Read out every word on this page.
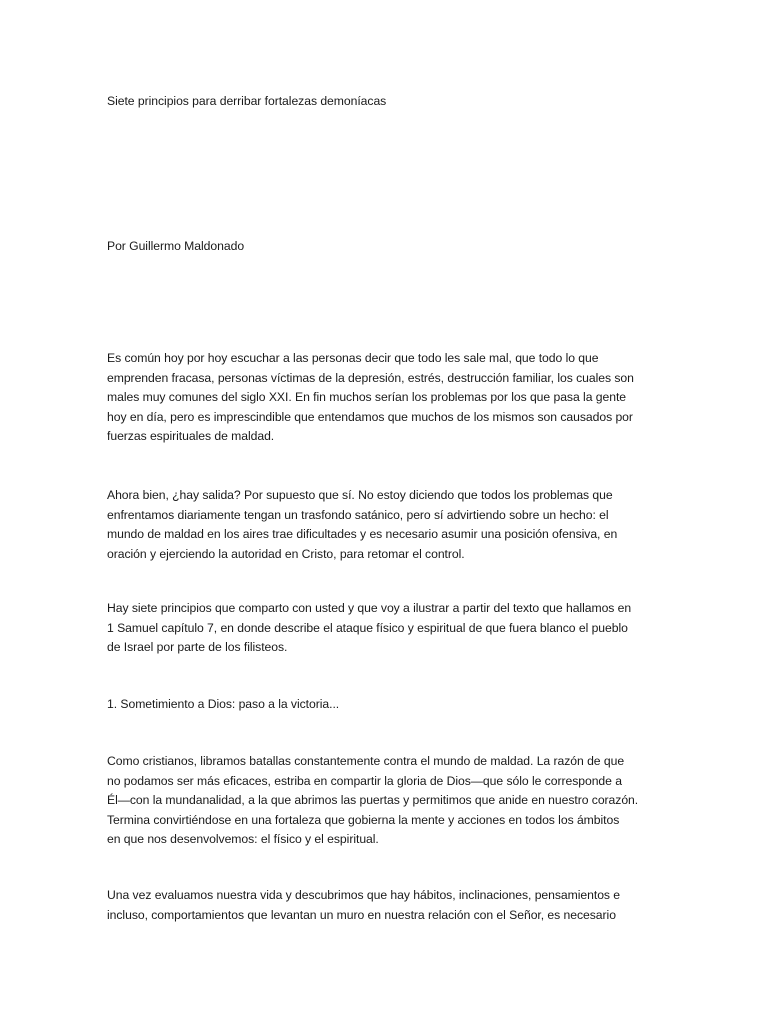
Siete principios para derribar fortalezas demoníacas
Por Guillermo Maldonado
Es común hoy por hoy escuchar a las personas decir que todo les sale mal, que todo lo que
emprenden fracasa, personas víctimas de la depresión, estrés, destrucción familiar, los cuales son
males muy comunes del siglo XXI. En fin muchos serían los problemas por los que pasa la gente
hoy en día, pero es imprescindible que entendamos que muchos de los mismos son causados por
fuerzas espirituales de maldad.
Ahora bien, ¿hay salida? Por supuesto que sí. No estoy diciendo que todos los problemas que
enfrentamos diariamente tengan un trasfondo satánico, pero sí advirtiendo sobre un hecho: el
mundo de maldad en los aires trae dificultades y es necesario asumir una posición ofensiva, en
oración y ejerciendo la autoridad en Cristo, para retomar el control.
Hay siete principios que comparto con usted y que voy a ilustrar a partir del texto que hallamos en
1 Samuel capítulo 7, en donde describe el ataque físico y espiritual de que fuera blanco el pueblo
de Israel por parte de los filisteos.
1. Sometimiento a Dios: paso a la victoria...
Como cristianos, libramos batallas constantemente contra el mundo de maldad. La razón de que
no podamos ser más eficaces, estriba en compartir la gloria de Dios—que sólo le corresponde a
Él—con la mundanalidad, a la que abrimos las puertas y permitimos que anide en nuestro corazón.
Termina convirtiéndose en una fortaleza que gobierna la mente y acciones en todos los ámbitos
en que nos desenvolvemos: el físico y el espiritual.
Una vez evaluamos nuestra vida y descubrimos que hay hábitos, inclinaciones, pensamientos e
incluso, comportamientos que levantan un muro en nuestra relación con el Señor, es necesario
